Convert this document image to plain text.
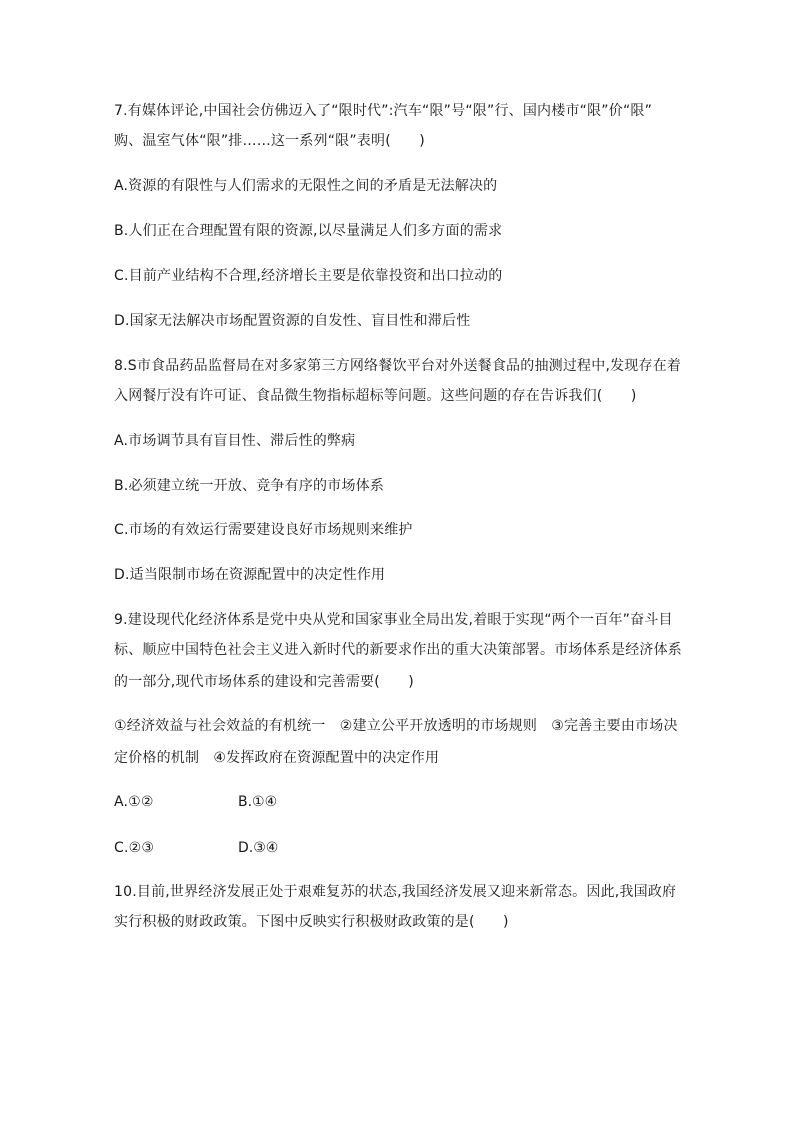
7.有媒体评论,中国社会仿佛迈入了“限时代”:汽车“限”号“限”行、国内楼市“限”价“限”
购、温室气体“限”排……这一系列“限”表明(　　)
A.资源的有限性与人们需求的无限性之间的矛盾是无法解决的
B.人们正在合理配置有限的资源,以尽量满足人们多方面的需求
C.目前产业结构不合理,经济增长主要是依靠投资和出口拉动的
D.国家无法解决市场配置资源的自发性、盲目性和滞后性
8.S市食品药品监督局在对多家第三方网络餐饮平台对外送餐食品的抽测过程中,发现存在着
入网餐厅没有许可证、食品微生物指标超标等问题。这些问题的存在告诉我们(　　)
A.市场调节具有盲目性、滞后性的弊病
B.必须建立统一开放、竞争有序的市场体系
C.市场的有效运行需要建设良好市场规则来维护
D.适当限制市场在资源配置中的决定性作用
9.建设现代化经济体系是党中央从党和国家事业全局出发,着眼于实现“两个一百年”奋斗目
标、顺应中国特色社会主义进入新时代的新要求作出的重大决策部署。市场体系是经济体系
的一部分,现代市场体系的建设和完善需要(　　)
①经济效益与社会效益的有机统一　②建立公平开放透明的市场规则　③完善主要由市场决
定价格的机制　④发挥政府在资源配置中的决定作用
A.①②	B.①④
C.②③	D.③④
10.目前,世界经济发展正处于艰难复苏的状态,我国经济发展又迎来新常态。因此,我国政府
实行积极的财政政策。下图中反映实行积极财政政策的是(　　)
